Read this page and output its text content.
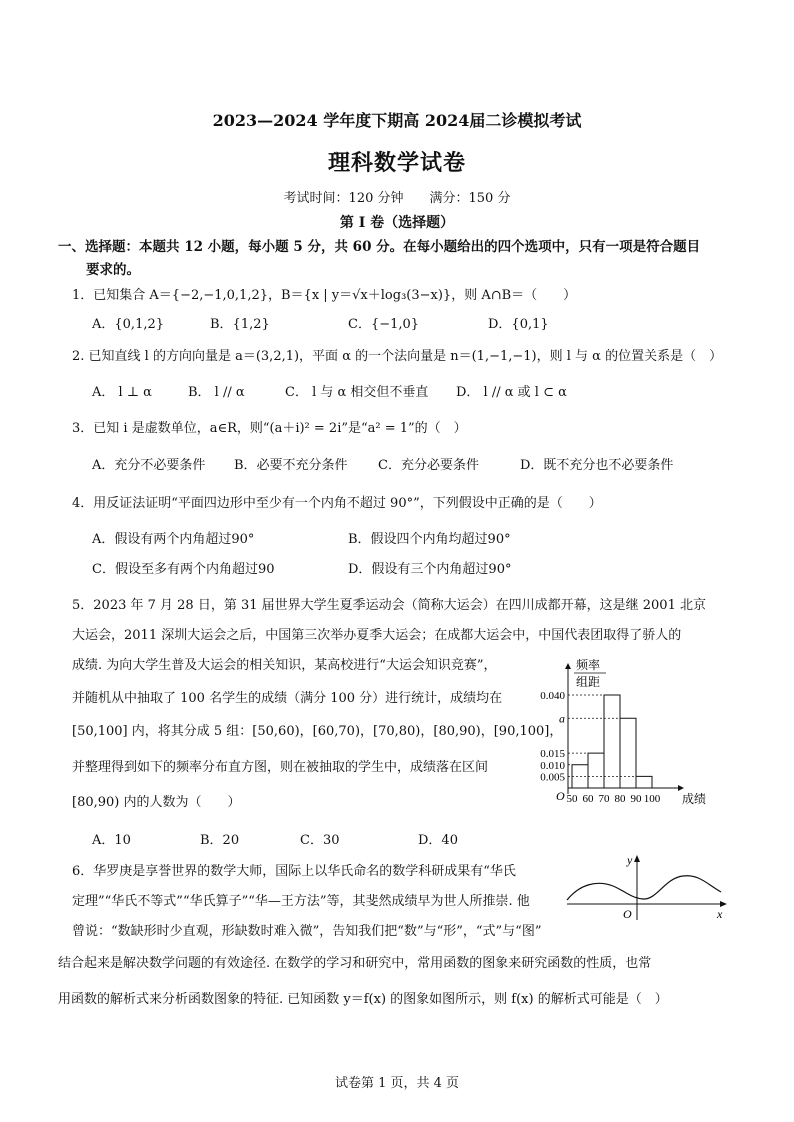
2023—2024 学年度下期高 2024届二诊模拟考试
理科数学试卷
考试时间：120 分钟　　满分：150 分
第 I 卷（选择题）
一、选择题：本题共 12 小题，每小题 5 分，共 60 分。在每小题给出的四个选项中，只有一项是符合题目
要求的。
1．已知集合 A＝{−2,−1,0,1,2}，B＝{x | y＝√x＋log₃(3−x)}，则 A∩B＝（　　）
A．{0,1,2}	B．{1,2}	C．{−1,0}	D．{0,1}
2. 已知直线 l 的方向向量是 a＝(3,2,1)，平面 α 的一个法向量是 n＝(1,−1,−1)，则 l 与 α 的位置关系是（　）
A． l ⊥ α	B． l // α	C． l 与 α 相交但不垂直 D． l // α 或 l ⊂ α
3．已知 i 是虚数单位，a∈R，则“(a＋i)² = 2i”是“a² = 1”的（　）
A．充分不必要条件 B．必要不充分条件 C．充分必要条件	D．既不充分也不必要条件
4．用反证法证明“平面四边形中至少有一个内角不超过 90°”，下列假设中正确的是（　　）
A．假设有两个内角超过90°	B．假设四个内角均超过90°
C．假设至多有两个内角超过90	D．假设有三个内角超过90°
5．2023 年 7 月 28 日，第 31 届世界大学生夏季运动会（简称大运会）在四川成都开幕，这是继 2001 北京
大运会，2011 深圳大运会之后，中国第三次举办夏季大运会；在成都大运会中，中国代表团取得了骄人的
成绩. 为向大学生普及大运会的相关知识，某高校进行“大运会知识竞赛”，
并随机从中抽取了 100 名学生的成绩（满分 100 分）进行统计，成绩均在
[50,100] 内，将其分成 5 组：[50,60)，[60,70)，[70,80)，[80,90)，[90,100]，
并整理得到如下的频率分布直方图，则在被抽取的学生中，成绩落在区间
[80,90) 内的人数为（　　）
A．10	B．20	C．30	D．40
频率
组距
0.040
a
0.015
0.010
0.005
50 60 70 80 90 100 成绩
O
6．华罗庚是享誉世界的数学大师，国际上以华氏命名的数学科研成果有“华氏
定理”“华氏不等式”“华氏算子”“华—王方法”等，其斐然成绩早为世人所推崇. 他
曾说：“数缺形时少直观，形缺数时难入微”，告知我们把“数”与“形”，“式”与“图”
结合起来是解决数学问题的有效途径. 在数学的学习和研究中，常用函数的图象来研究函数的性质，也常
用函数的解析式来分析函数图象的特征. 已知函数 y＝f(x) 的图象如图所示，则 f(x) 的解析式可能是（　）
y
x
O
试卷第 1 页，共 4 页
